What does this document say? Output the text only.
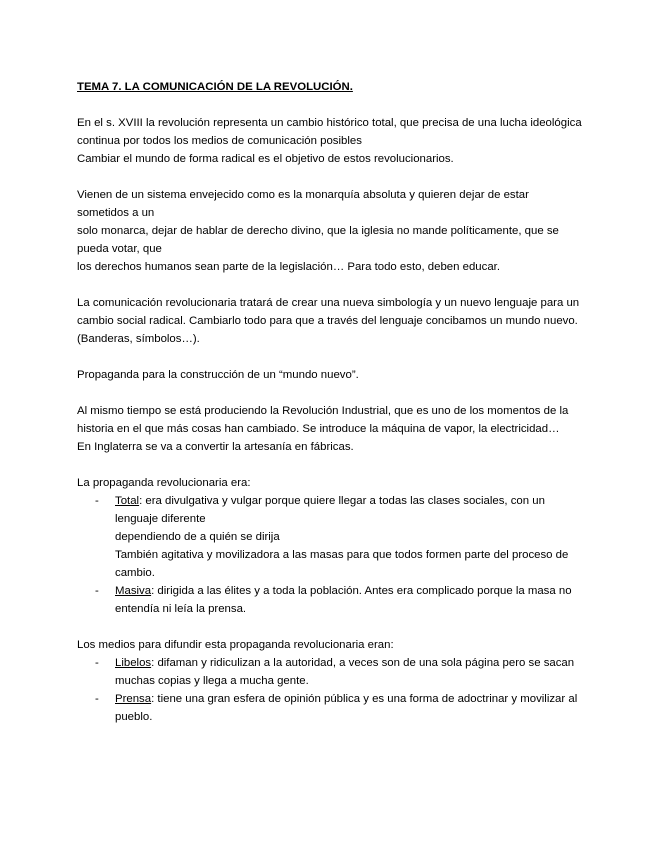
TEMA 7. LA COMUNICACIÓN DE LA REVOLUCIÓN.

En el s. XVIII la revolución representa un cambio histórico total, que precisa de una lucha ideológica continua por todos los medios de comunicación posibles

Cambiar el mundo de forma radical es el objetivo de estos revolucionarios.

Vienen de un sistema envejecido como es la monarquía absoluta y quieren dejar de estar sometidos a un

solo monarca, dejar de hablar de derecho divino, que la iglesia no mande políticamente, que se pueda votar, que

los derechos humanos sean parte de la legislación… Para todo esto, deben educar.

La comunicación revolucionaria tratará de crear una nueva simbología y un nuevo lenguaje para un cambio social radical. Cambiarlo todo para que a través del lenguaje concibamos un mundo nuevo. (Banderas, símbolos…).

Propaganda para la construcción de un “mundo nuevo”.

Al mismo tiempo se está produciendo la Revolución Industrial, que es uno de los momentos de la historia en el que más cosas han cambiado. Se introduce la máquina de vapor, la electricidad…

En Inglaterra se va a convertir la artesanía en fábricas.

La propaganda revolucionaria era:

- Total: era divulgativa y vulgar porque quiere llegar a todas las clases sociales, con un lenguaje diferente

dependiendo de a quién se dirija

También agitativa y movilizadora a las masas para que todos formen parte del proceso de cambio.

- Masiva: dirigida a las élites y a toda la población. Antes era complicado porque la masa no entendía ni leía la prensa.

Los medios para difundir esta propaganda revolucionaria eran:

- Libelos: difaman y ridiculizan a la autoridad, a veces son de una sola página pero se sacan muchas copias y llega a mucha gente.

- Prensa: tiene una gran esfera de opinión pública y es una forma de adoctrinar y movilizar al pueblo.
